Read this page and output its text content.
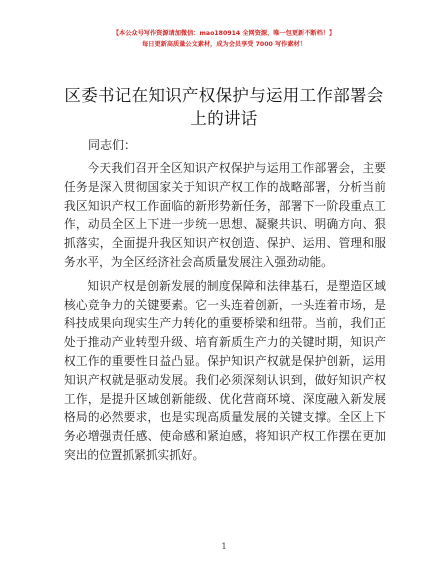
【本公众号写作资源请加微信：mao180914 全网资源，唯一包更新不断档！】
每日更新高质量公文素材，成为会员享受 7000 写作素材！
区委书记在知识产权保护与运用工作部署会上的讲话
同志们：

今天我们召开全区知识产权保护与运用工作部署会，主要任务是深入贯彻国家关于知识产权工作的战略部署，分析当前我区知识产权工作面临的新形势新任务，部署下一阶段重点工作，动员全区上下进一步统一思想、凝聚共识、明确方向、狠抓落实，全面提升我区知识产权创造、保护、运用、管理和服务水平，为全区经济社会高质量发展注入强劲动能。

知识产权是创新发展的制度保障和法律基石，是塑造区域核心竞争力的关键要素。它一头连着创新，一头连着市场，是科技成果向现实生产力转化的重要桥梁和纽带。当前，我们正处于推动产业转型升级、培育新质生产力的关键时期，知识产权工作的重要性日益凸显。保护知识产权就是保护创新，运用知识产权就是驱动发展。我们必须深刻认识到，做好知识产权工作，是提升区域创新能级、优化营商环境、深度融入新发展格局的必然要求，也是实现高质量发展的关键支撑。全区上下务必增强责任感、使命感和紧迫感，将知识产权工作摆在更加突出的位置抓紧抓实抓好。

1
